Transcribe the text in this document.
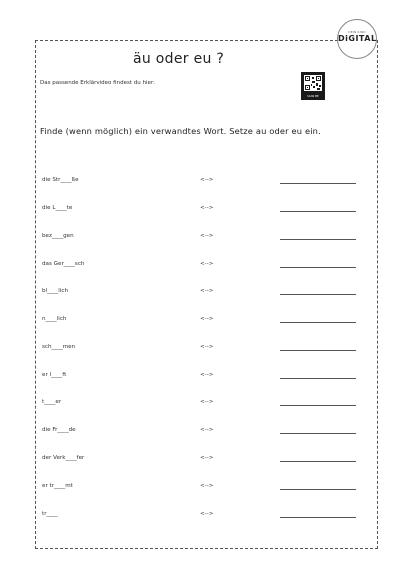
äu oder eu ?
DEIN KIND
DiGITAL
Das passende Erklärvideo findest du hier:
SCAN ME
Finde (wenn möglich) ein verwandtes Wort. Setze au oder eu ein.
die Str____ße	<-->
die L____te	<-->
bez____gen	<-->
das Ger____sch	<-->
bl____lich	<-->
n____lich	<-->
sch____men	<-->
er l____ft	<-->
t____er	<-->
die Fr____de	<-->
der Verk____fer	<-->
er tr____mt	<-->
tr____	<-->
